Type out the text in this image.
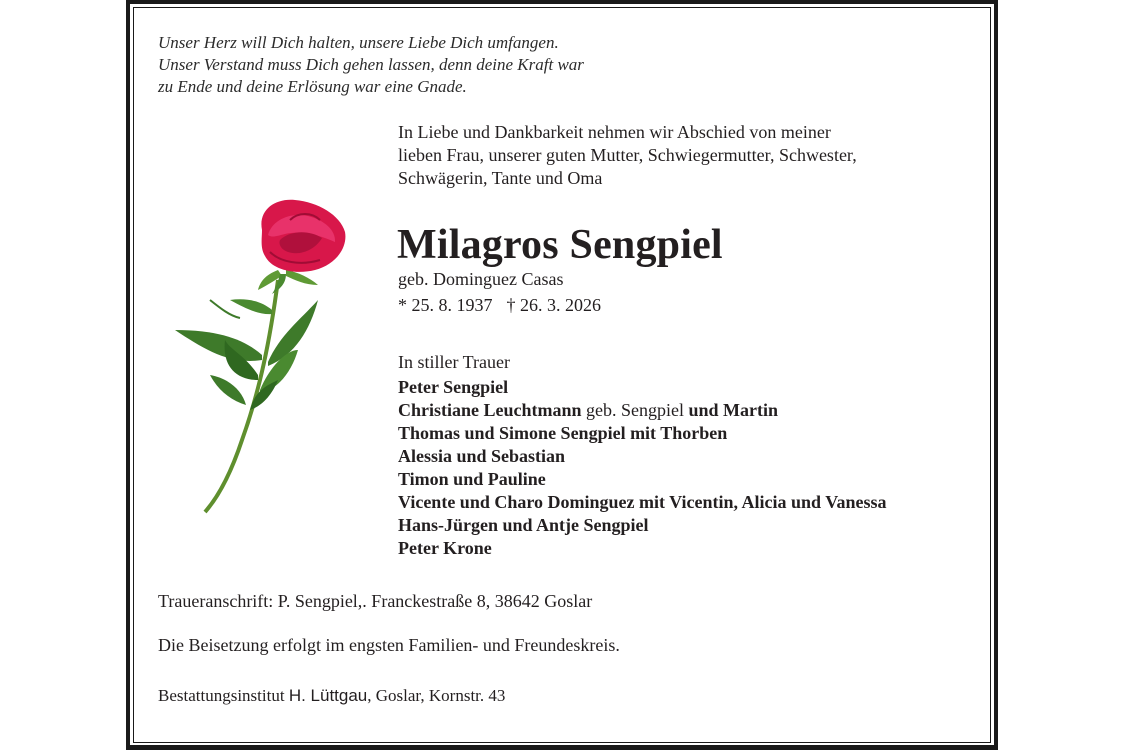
Unser Herz will Dich halten, unsere Liebe Dich umfangen.
Unser Verstand muss Dich gehen lassen, denn deine Kraft war
zu Ende und deine Erlösung war eine Gnade.
In Liebe und Dankbarkeit nehmen wir Abschied von meiner
lieben Frau, unserer guten Mutter, Schwiegermutter, Schwester,
Schwägerin, Tante und Oma
Milagros Sengpiel
geb. Dominguez Casas
* 25. 8. 1937 † 26. 3. 2026
In stiller Trauer
Peter Sengpiel
Christiane Leuchtmann geb. Sengpiel und Martin
Thomas und Simone Sengpiel mit Thorben
Alessia und Sebastian
Timon und Pauline
Vicente und Charo Dominguez mit Vicentin, Alicia und Vanessa
Hans-Jürgen und Antje Sengpiel
Peter Krone
Traueranschrift: P. Sengpiel,. Franckestraße 8, 38642 Goslar
Die Beisetzung erfolgt im engsten Familien- und Freundeskreis.
Bestattungsinstitut H. Lüttgau, Goslar, Kornstr. 43
